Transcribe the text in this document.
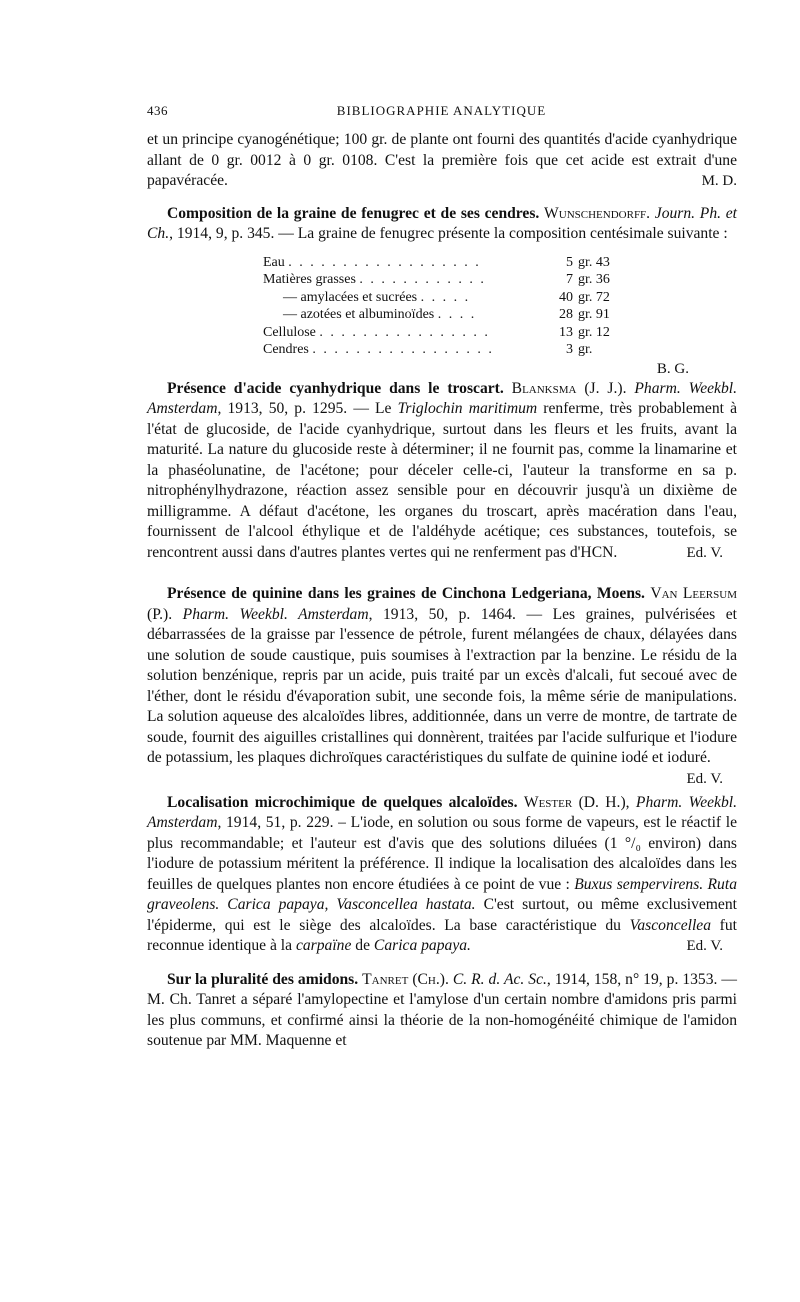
436	BIBLIOGRAPHIE ANALYTIQUE

et un principe cyanogénétique; 100 gr. de plante ont fourni des quantités d'acide cyanhydrique allant de 0 gr. 0012 à 0 gr. 0108. C'est la première fois que cet acide est extrait d'une papavéracée.	M. D.

Composition de la graine de fenugrec et de ses cendres. Wunschendorff. Journ. Ph. et Ch., 1914, 9, p. 345. — La graine de fenugrec présente la composition centésimale suivante :

Eau . . . . . . . . . . . . . . . . . .	5	gr. 43
Matières grasses . . . . . . . . . . . .	7	gr. 36
— amylacées et sucrées . . . . .	40	gr. 72
— azotées et albuminoïdes . . . .	28	gr. 91
Cellulose . . . . . . . . . . . . . . . .	13	gr. 12
Cendres . . . . . . . . . . . . . . . . .	3	gr.
B. G.

Présence d'acide cyanhydrique dans le troscart. Blanksma (J. J.). Pharm. Weekbl. Amsterdam, 1913, 50, p. 1295. — Le Triglochin maritimum renferme, très probablement à l'état de glucoside, de l'acide cyanhydrique, surtout dans les fleurs et les fruits, avant la maturité. La nature du glucoside reste à déterminer; il ne fournit pas, comme la linamarine et la phaséolunatine, de l'acétone; pour déceler celle-ci, l'auteur la transforme en sa p. nitrophénylhydrazone, réaction assez sensible pour en découvrir jusqu'à un dixième de milligramme. A défaut d'acétone, les organes du troscart, après macération dans l'eau, fournissent de l'alcool éthylique et de l'aldéhyde acétique; ces substances, toutefois, se rencontrent aussi dans d'autres plantes vertes qui ne renferment pas d'HCN.	Ed. V.

Présence de quinine dans les graines de Cinchona Ledgeriana, Moens. Van Leersum (P.). Pharm. Weekbl. Amsterdam, 1913, 50, p. 1464. — Les graines, pulvérisées et débarrassées de la graisse par l'essence de pétrole, furent mélangées de chaux, délayées dans une solution de soude caustique, puis soumises à l'extraction par la benzine. Le résidu de la solution benzénique, repris par un acide, puis traité par un excès d'alcali, fut secoué avec de l'éther, dont le résidu d'évaporation subit, une seconde fois, la même série de manipulations. La solution aqueuse des alcaloïdes libres, additionnée, dans un verre de montre, de tartrate de soude, fournit des aiguilles cristallines qui donnèrent, traitées par l'acide sulfurique et l'iodure de potassium, les plaques dichroïques caractéristiques du sulfate de quinine iodé et ioduré.

Ed. V.

Localisation microchimique de quelques alcaloïdes. Wester (D. H.), Pharm. Weekbl. Amsterdam, 1914, 51, p. 229. – L'iode, en solution ou sous forme de vapeurs, est le réactif le plus recommandable; et l'auteur est d'avis que des solutions diluées (1 °/₀ environ) dans l'iodure de potassium méritent la préférence. Il indique la localisation des alcaloïdes dans les feuilles de quelques plantes non encore étudiées à ce point de vue : Buxus sempervirens. Ruta graveolens. Carica papaya, Vasconcellea hastata. C'est surtout, ou même exclusivement l'épiderme, qui est le siège des alcaloïdes. La base caractéristique du Vasconcellea fut reconnue identique à la carpaïne de Carica papaya.	Ed. V.

Sur la pluralité des amidons. Tanret (Ch.). C. R. d. Ac. Sc., 1914, 158, n° 19, p. 1353. — M. Ch. Tanret a séparé l'amylopectine et l'amylose d'un certain nombre d'amidons pris parmi les plus communs, et confirmé ainsi la théorie de la non-homogénéité chimique de l'amidon soutenue par MM. Maquenne et
